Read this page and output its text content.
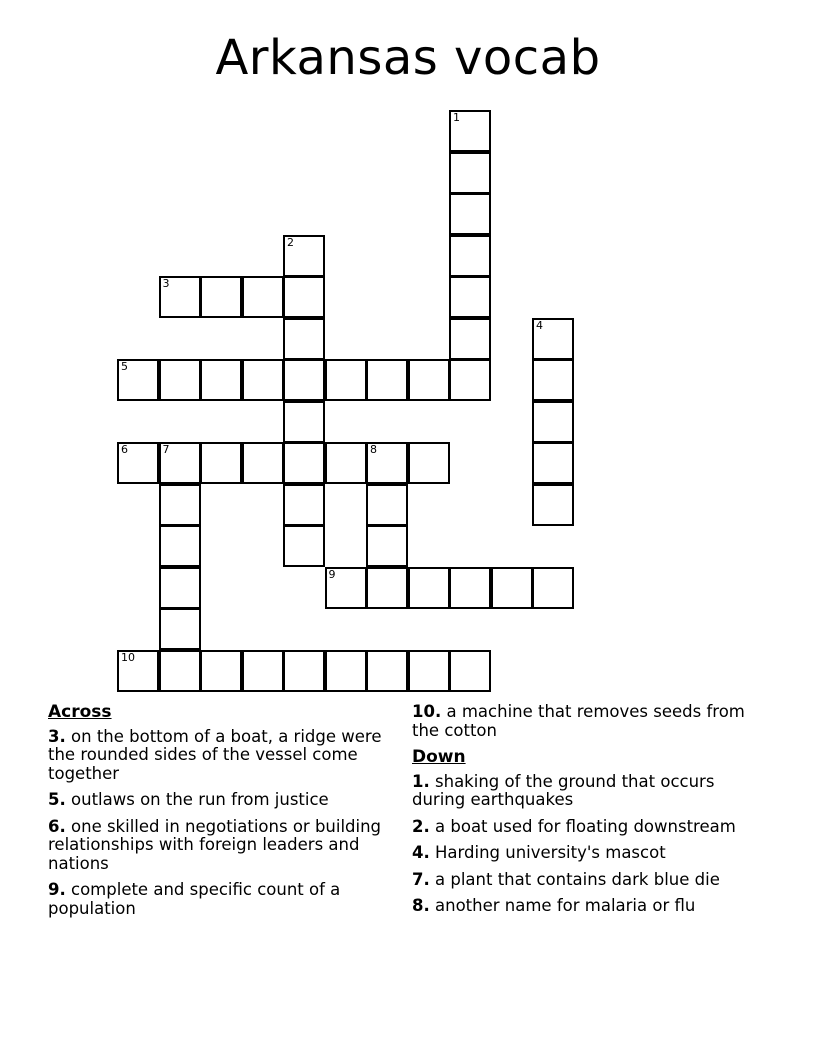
Arkansas vocab
1
2
3
4
5
6	7	8
9
10
Across
3. on the bottom of a boat, a ridge were the rounded sides of the vessel come together
5. outlaws on the run from justice
6. one skilled in negotiations or building relationships with foreign leaders and nations
9. complete and specific count of a population
10. a machine that removes seeds from the cotton
Down
1. shaking of the ground that occurs during earthquakes
2. a boat used for floating downstream
4. Harding university's mascot
7. a plant that contains dark blue die
8. another name for malaria or flu
